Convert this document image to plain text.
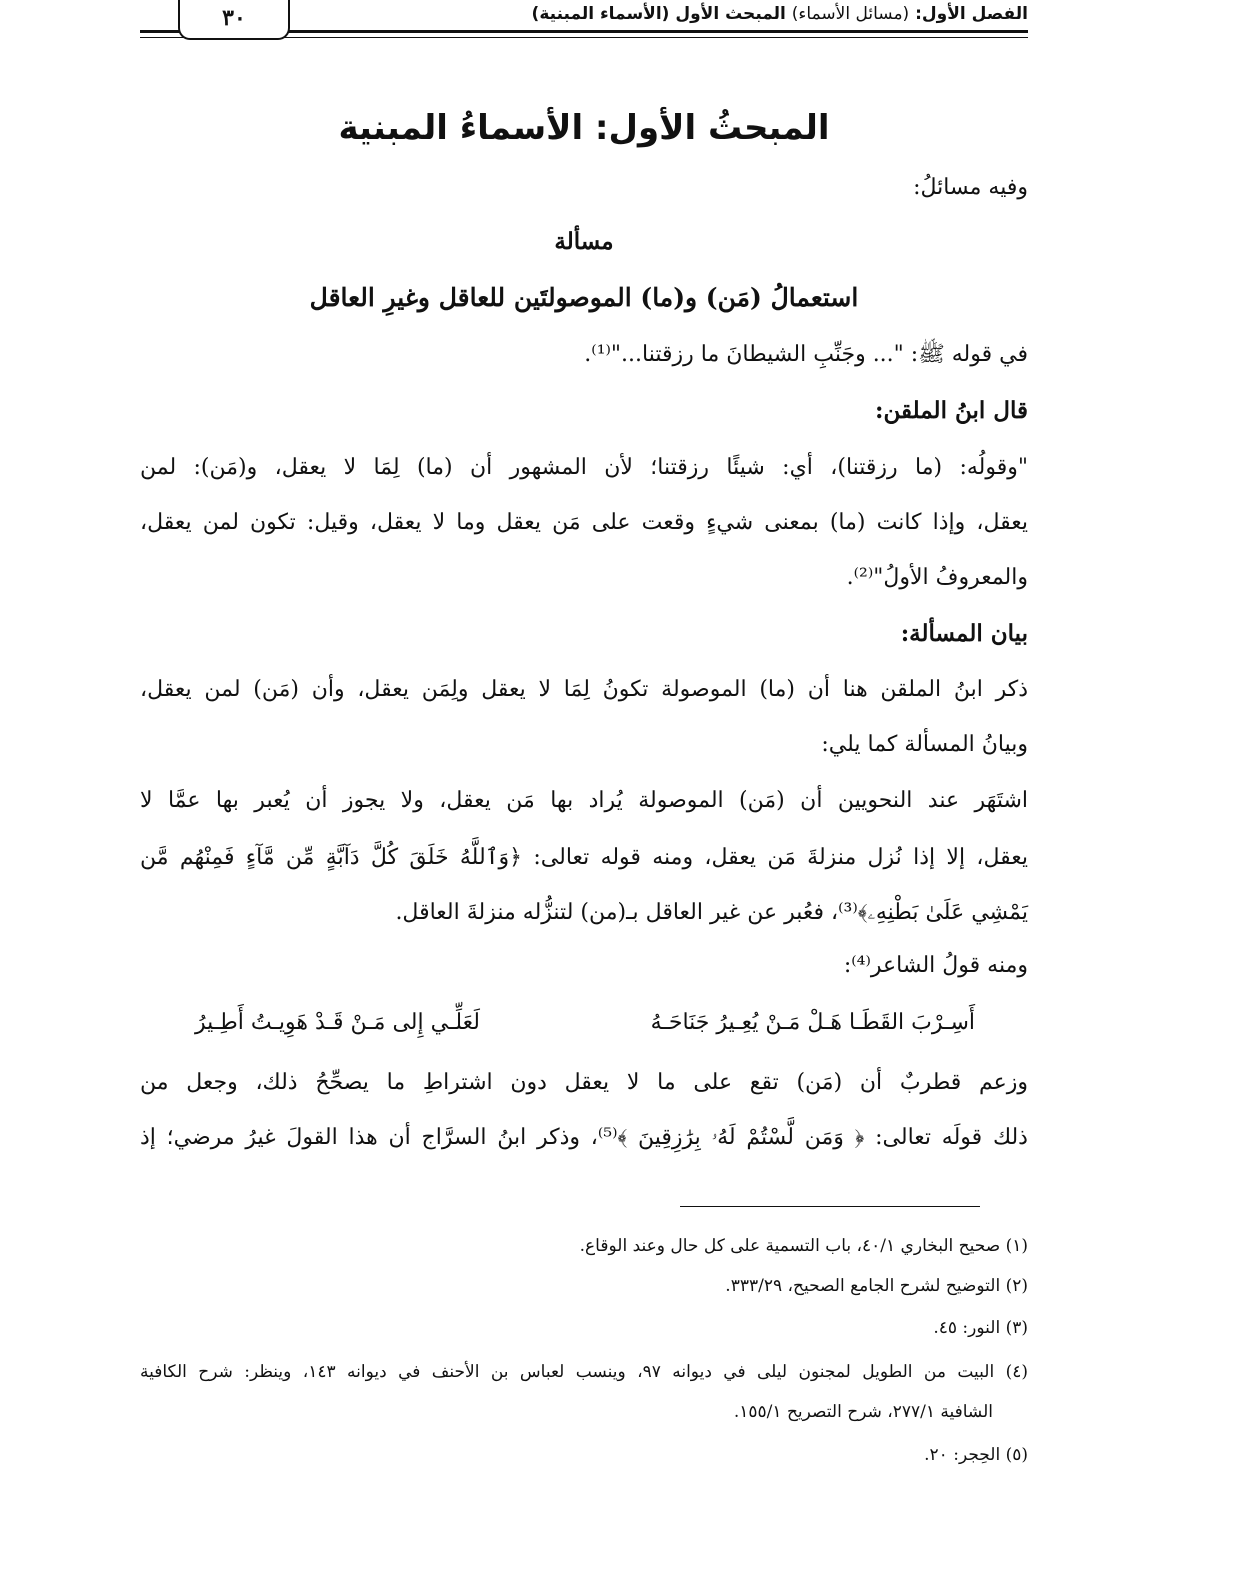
الفصل الأول: (مسائل الأسماء) المبحث الأول (الأسماء المبنية)
٣٠
المبحثُ الأول: الأسماءُ المبنية
وفيه مسائلُ:
مسألة
استعمالُ (مَن) و(ما) الموصولتَين للعاقل وغيرِ العاقل
في قوله ﷺ: "... وجَنِّبِ الشيطانَ ما رزقتنا..."⁽¹⁾.
قال ابنُ الملقن:
"وقولُه: (ما رزقتنا)، أي: شيئًا رزقتنا؛ لأن المشهور أن (ما) لِمَا لا يعقل، و(مَن): لمن
يعقل، وإذا كانت (ما) بمعنى شيءٍ وقعت على مَن يعقل وما لا يعقل، وقيل: تكون لمن يعقل،
والمعروفُ الأولُ"⁽²⁾.
بيان المسألة:
ذكر ابنُ الملقن هنا أن (ما) الموصولة تكونُ لِمَا لا يعقل ولِمَن يعقل، وأن (مَن) لمن يعقل،
وبيانُ المسألة كما يلي:
اشتَهَر عند النحويين أن (مَن) الموصولة يُراد بها مَن يعقل، ولا يجوز أن يُعبر بها عمَّا لا
يعقل، إلا إذا نُزل منزلةَ مَن يعقل، ومنه قوله تعالى: ﴿وَٱللَّهُ خَلَقَ كُلَّ دَآبَّةٍ مِّن مَّآءٍ فَمِنْهُم مَّن
يَمْشِي عَلَىٰ بَطْنِهِۦ﴾⁽³⁾، فعُبر عن غير العاقل بـ(من) لتنزُّله منزلةَ العاقل.
ومنه قولُ الشاعر⁽⁴⁾:
أَسِـرْبَ القَطَـا هَـلْ مَـنْ يُعِـيرُ جَنَاحَـهُ
لَعَلِّـي إِلى مَـنْ قَـدْ هَوِيـتُ أَطِـيرُ
وزعم قطربٌ أن (مَن) تقع على ما لا يعقل دون اشتراطِ ما يصحِّحُ ذلك، وجعل من
ذلك قولَه تعالى: ﴿ وَمَن لَّسْتُمْ لَهُۥ بِرَٰزِقِينَ ﴾⁽⁵⁾، وذكر ابنُ السرَّاج أن هذا القولَ غيرُ مرضي؛ إذ
(١) صحيح البخاري ٤٠/١، باب التسمية على كل حال وعند الوقاع.
(٢) التوضيح لشرح الجامع الصحيح، ٣٣٣/٢٩.
(٣) النور: ٤٥.
(٤) البيت من الطويل لمجنون ليلى في ديوانه ٩٧، وينسب لعباس بن الأحنف في ديوانه ١٤٣، وينظر: شرح الكافية
الشافية ٢٧٧/١، شرح التصريح ١٥٥/١.
(٥) الحِجر: ٢٠.
